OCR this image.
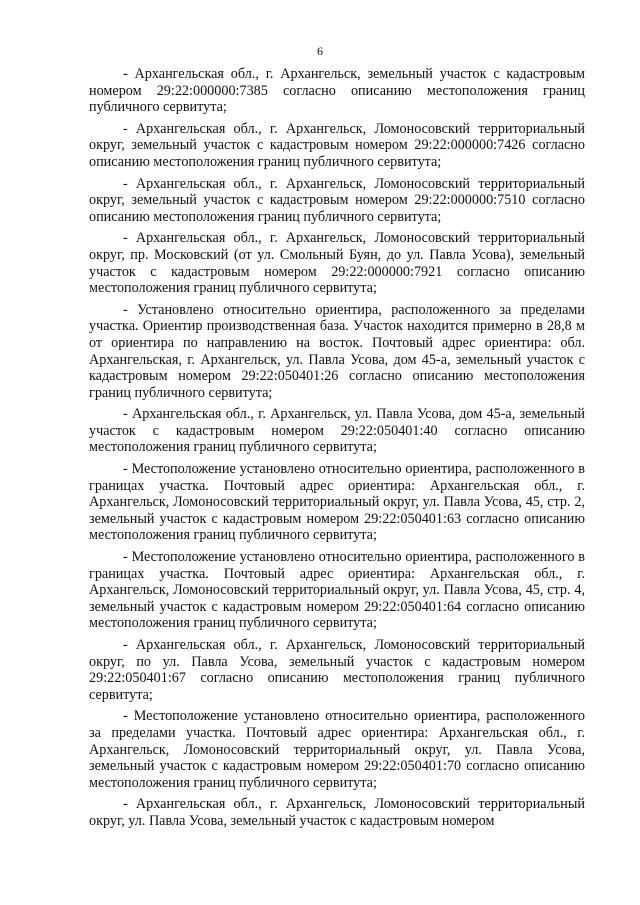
6

- Архангельская обл., г. Архангельск, земельный участок с кадастровым номером 29:22:000000:7385 согласно описанию местоположения границ публичного сервитута;

- Архангельская обл., г. Архангельск, Ломоносовский территориальный округ, земельный участок с кадастровым номером 29:22:000000:7426 согласно описанию местоположения границ публичного сервитута;

- Архангельская обл., г. Архангельск, Ломоносовский территориальный округ, земельный участок с кадастровым номером 29:22:000000:7510 согласно описанию местоположения границ публичного сервитута;

- Архангельская обл., г. Архангельск, Ломоносовский территориальный округ, пр. Московский (от ул. Смольный Буян, до ул. Павла Усова), земельный участок с кадастровым номером 29:22:000000:7921 согласно описанию местоположения границ публичного сервитута;

- Установлено относительно ориентира, расположенного за пределами участка. Ориентир производственная база. Участок находится примерно в 28,8 м от ориентира по направлению на восток. Почтовый адрес ориентира: обл. Архангельская, г. Архангельск, ул. Павла Усова, дом 45-а, земельный участок с кадастровым номером 29:22:050401:26 согласно описанию местоположения границ публичного сервитута;

- Архангельская обл., г. Архангельск, ул. Павла Усова, дом 45-а, земельный участок с кадастровым номером 29:22:050401:40 согласно описанию местоположения границ публичного сервитута;

- Местоположение установлено относительно ориентира, расположенного в границах участка. Почтовый адрес ориентира: Архангельская обл., г. Архангельск, Ломоносовский территориальный округ, ул. Павла Усова, 45, стр. 2, земельный участок с кадастровым номером 29:22:050401:63 согласно описанию местоположения границ публичного сервитута;

- Местоположение установлено относительно ориентира, расположенного в границах участка. Почтовый адрес ориентира: Архангельская обл., г. Архангельск, Ломоносовский территориальный округ, ул. Павла Усова, 45, стр. 4, земельный участок с кадастровым номером 29:22:050401:64 согласно описанию местоположения границ публичного сервитута;

- Архангельская обл., г. Архангельск, Ломоносовский территориальный округ, по ул. Павла Усова, земельный участок с кадастровым номером 29:22:050401:67 согласно описанию местоположения границ публичного сервитута;

- Местоположение установлено относительно ориентира, расположенного за пределами участка. Почтовый адрес ориентира: Архангельская обл., г. Архангельск, Ломоносовский территориальный округ, ул. Павла Усова, земельный участок с кадастровым номером 29:22:050401:70 согласно описанию местоположения границ публичного сервитута;

- Архангельская обл., г. Архангельск, Ломоносовский территориальный округ, ул. Павла Усова, земельный участок с кадастровым номером
